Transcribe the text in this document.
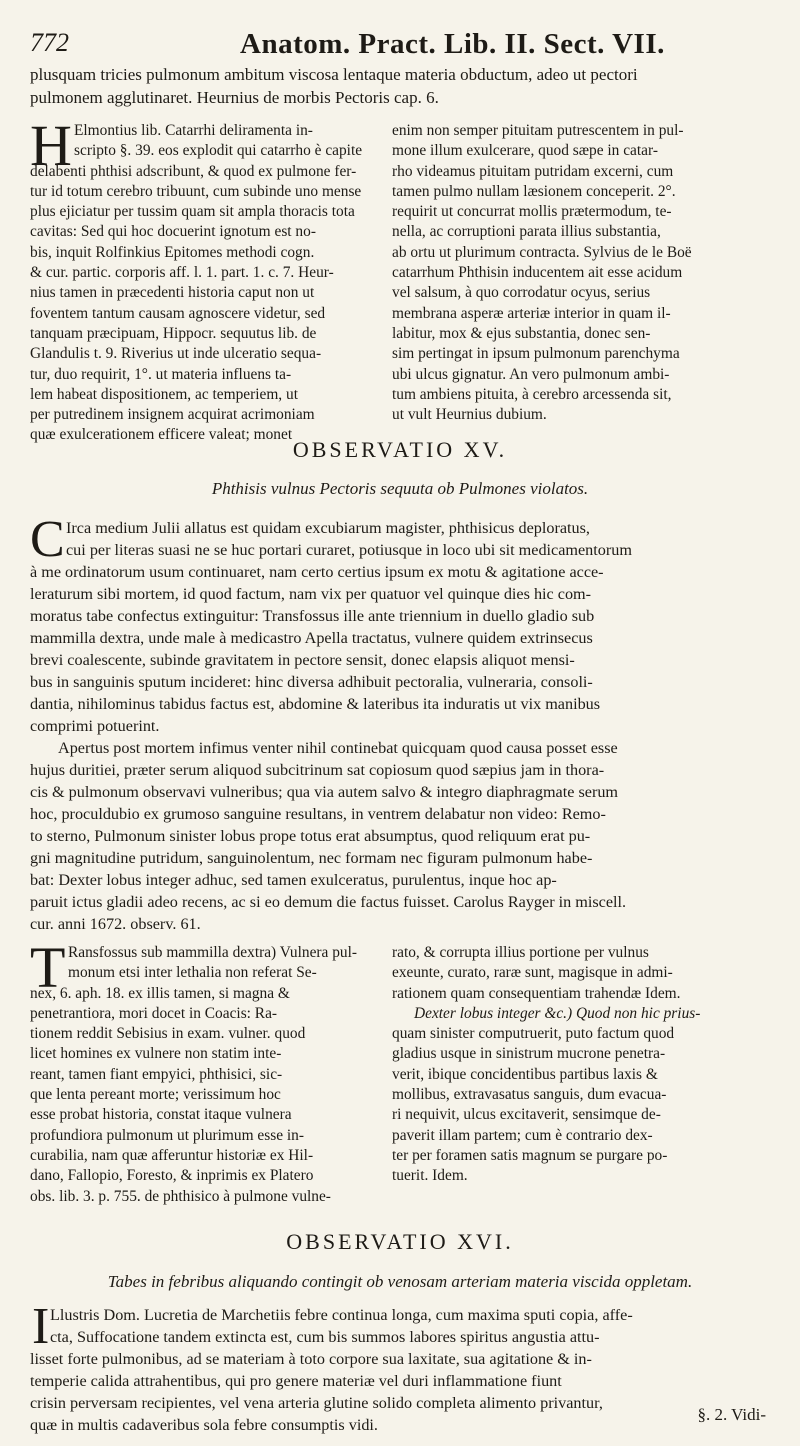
772	Anatom. Pract. Lib. II. Sect. VII.
plusquam tricies pulmonum ambitum viscosa lentaque materia obductum, adeo ut pectori
pulmonem agglutinaret. Heurnius de morbis Pectoris cap. 6.
H Elmontius lib. Catarrhi deliramenta in-
scripto §. 39. eos explodit qui catarrho è capite
delabenti phthisi adscribunt, & quod ex pulmone fer-
tur id totum cerebro tribuunt, cum subinde uno mense
plus ejiciatur per tussim quam sit ampla thoracis tota
cavitas: Sed qui hoc docuerint ignotum est no-
bis, inquit Rolfinkius Epitomes methodi cogn.
& cur. partic. corporis aff. l. 1. part. 1. c. 7. Heur-
nius tamen in præcedenti historia caput non ut
foventem tantum causam agnoscere videtur, sed
tanquam præcipuam, Hippocr. sequutus lib. de
Glandulis t. 9. Riverius ut inde ulceratio sequa-
tur, duo requirit, 1°. ut materia influens ta-
lem habeat dispositionem, ac temperiem, ut
per putredinem insignem acquirat acrimoniam
quæ exulcerationem efficere valeat; monet
enim non semper pituitam putrescentem in pul-
mone illum exulcerare, quod sæpe in catar-
rho videamus pituitam putridam excerni, cum
tamen pulmo nullam læsionem conceperit. 2°.
requirit ut concurrat mollis prætermodum, te-
nella, ac corruptioni parata illius substantia,
ab ortu ut plurimum contracta. Sylvius de le Boë
catarrhum Phthisin inducentem ait esse acidum
vel salsum, à quo corrodatur ocyus, serius
membrana asperæ arteriæ interior in quam il-
labitur, mox & ejus substantia, donec sen-
sim pertingat in ipsum pulmonum parenchyma
ubi ulcus gignatur. An vero pulmonum ambi-
tum ambiens pituita, à cerebro arcessenda sit,
ut vult Heurnius dubium.
OBSERVATIO XV.
Phthisis vulnus Pectoris sequuta ob Pulmones violatos.
C Irca medium Julii allatus est quidam excubiarum magister, phthisicus deploratus,
cui per literas suasi ne se huc portari curaret, potiusque in loco ubi sit medicamentorum
à me ordinatorum usum continuaret, nam certo certius ipsum ex motu & agitatione acce-
leraturum sibi mortem, id quod factum, nam vix per quatuor vel quinque dies hic com-
moratus tabe confectus extinguitur: Transfossus ille ante triennium in duello gladio sub
mammilla dextra, unde male à medicastro Apella tractatus, vulnere quidem extrinsecus
brevi coalescente, subinde gravitatem in pectore sensit, donec elapsis aliquot mensi-
bus in sanguinis sputum incideret: hinc diversa adhibuit pectoralia, vulneraria, consoli-
dantia, nihilominus tabidus factus est, abdomine & lateribus ita induratis ut vix manibus
comprimi potuerint.
Apertus post mortem infimus venter nihil continebat quicquam quod causa posset esse
hujus duritiei, præter serum aliquod subcitrinum sat copiosum quod sæpius jam in thora-
cis & pulmonum observavi vulneribus; qua via autem salvo & integro diaphragmate serum
hoc, proculdubio ex grumoso sanguine resultans, in ventrem delabatur non video: Remo-
to sterno, Pulmonum sinister lobus prope totus erat absumptus, quod reliquum erat pu-
gni magnitudine putridum, sanguinolentum, nec formam nec figuram pulmonum habe-
bat: Dexter lobus integer adhuc, sed tamen exulceratus, purulentus, inque hoc ap-
paruit ictus gladii adeo recens, ac si eo demum die factus fuisset. Carolus Rayger in miscell.
cur. anni 1672. observ. 61.
T Ransfossus sub mammilla dextra) Vulnera pul-
monum etsi inter lethalia non referat Se-
nex, 6. aph. 18. ex illis tamen, si magna &
penetrantiora, mori docet in Coacis: Ra-
tionem reddit Sebisius in exam. vulner. quod
licet homines ex vulnere non statim inte-
reant, tamen fiant empyici, phthisici, sic-
que lenta pereant morte; verissimum hoc
esse probat historia, constat itaque vulnera
profundiora pulmonum ut plurimum esse in-
curabilia, nam quæ afferuntur historiæ ex Hil-
dano, Fallopio, Foresto, & inprimis ex Platero
obs. lib. 3. p. 755. de phthisico à pulmone vulne-
rato, & corrupta illius portione per vulnus
exeunte, curato, raræ sunt, magisque in admi-
rationem quam consequentiam trahendæ Idem.
Dexter lobus integer &c.) Quod non hic prius-
quam sinister computruerit, puto factum quod
gladius usque in sinistrum mucrone penetra-
verit, ibique concidentibus partibus laxis &
mollibus, extravasatus sanguis, dum evacua-
ri nequivit, ulcus excitaverit, sensimque de-
paverit illam partem; cum è contrario dex-
ter per foramen satis magnum se purgare po-
tuerit. Idem.
OBSERVATIO XVI.
Tabes in febribus aliquando contingit ob venosam arteriam materia viscida oppletam.
I Llustris Dom. Lucretia de Marchetiis febre continua longa, cum maxima sputi copia, affe-
cta, Suffocatione tandem extincta est, cum bis summos labores spiritus angustia attu-
lisset forte pulmonibus, ad se materiam à toto corpore sua laxitate, sua agitatione & in-
temperie calida attrahentibus, qui pro genere materiæ vel duri inflammatione fiunt
crisin perversam recipientes, vel vena arteria glutine solido completa alimento privantur,
quæ in multis cadaveribus sola febre consumptis vidi.
§. 2. Vidi-
